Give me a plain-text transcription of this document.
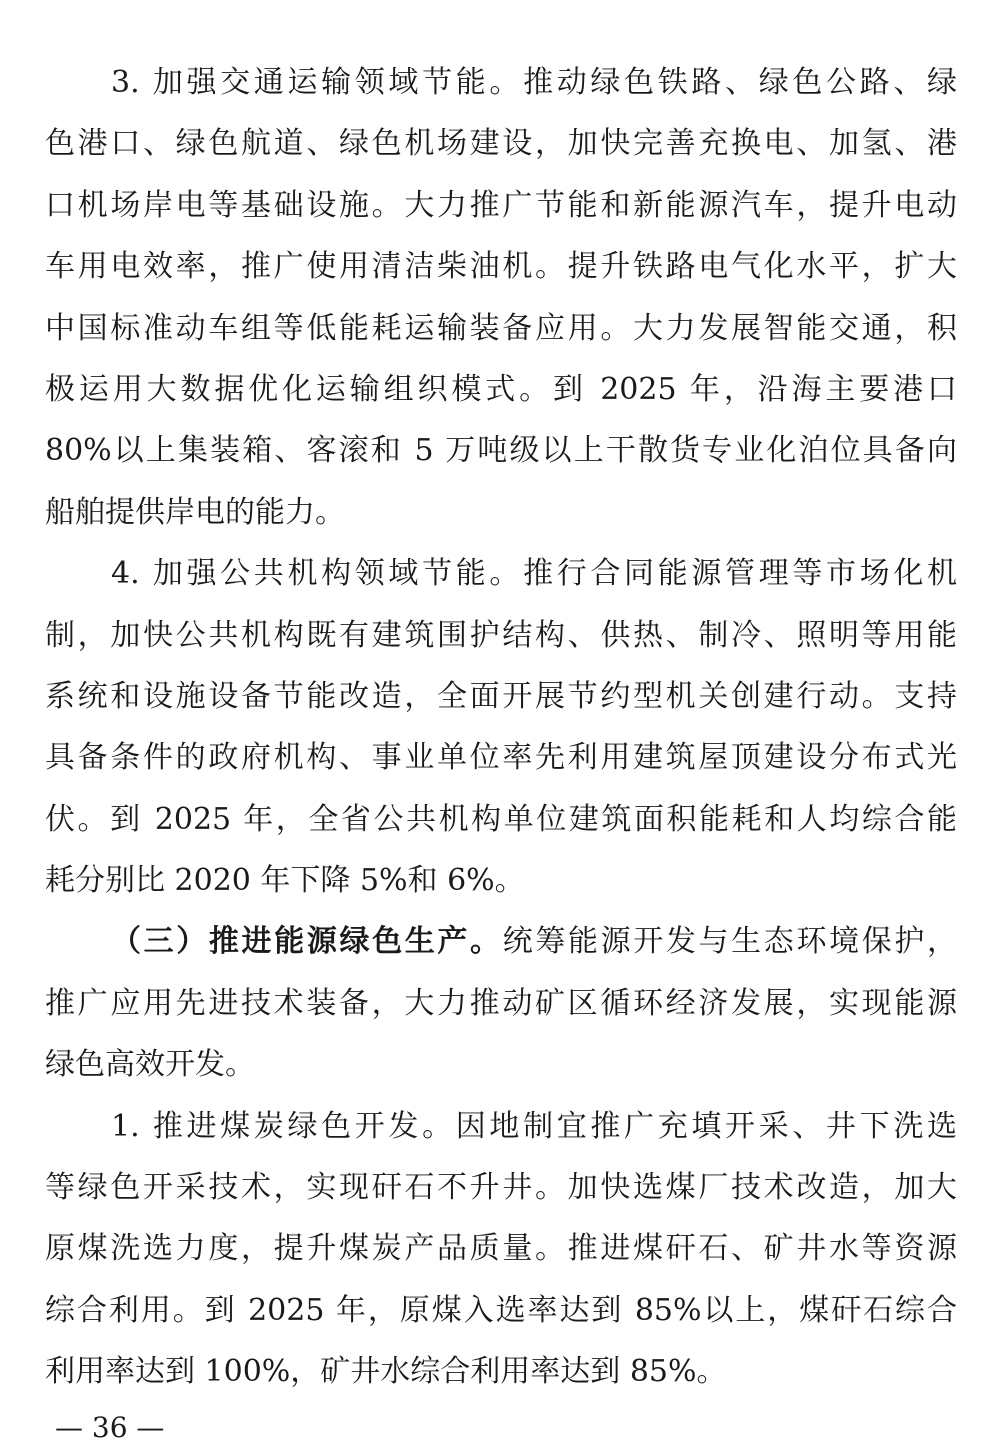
3. 加强交通运输领域节能。推动绿色铁路、绿色公路、绿
色港口、绿色航道、绿色机场建设，加快完善充换电、加氢、港
口机场岸电等基础设施。大力推广节能和新能源汽车，提升电动
车用电效率，推广使用清洁柴油机。提升铁路电气化水平，扩大
中国标准动车组等低能耗运输装备应用。大力发展智能交通，积
极运用大数据优化运输组织模式。到 2025 年，沿海主要港口
80%以上集装箱、客滚和 5 万吨级以上干散货专业化泊位具备向
船舶提供岸电的能力。
4. 加强公共机构领域节能。推行合同能源管理等市场化机
制，加快公共机构既有建筑围护结构、供热、制冷、照明等用能
系统和设施设备节能改造，全面开展节约型机关创建行动。支持
具备条件的政府机构、事业单位率先利用建筑屋顶建设分布式光
伏。到 2025 年，全省公共机构单位建筑面积能耗和人均综合能
耗分别比 2020 年下降 5%和 6%。
（三）推进能源绿色生产。统筹能源开发与生态环境保护，
推广应用先进技术装备，大力推动矿区循环经济发展，实现能源
绿色高效开发。
1. 推进煤炭绿色开发。因地制宜推广充填开采、井下洗选
等绿色开采技术，实现矸石不升井。加快选煤厂技术改造，加大
原煤洗选力度，提升煤炭产品质量。推进煤矸石、矿井水等资源
综合利用。到 2025 年，原煤入选率达到 85%以上，煤矸石综合
利用率达到 100%，矿井水综合利用率达到 85%。
— 36 —
